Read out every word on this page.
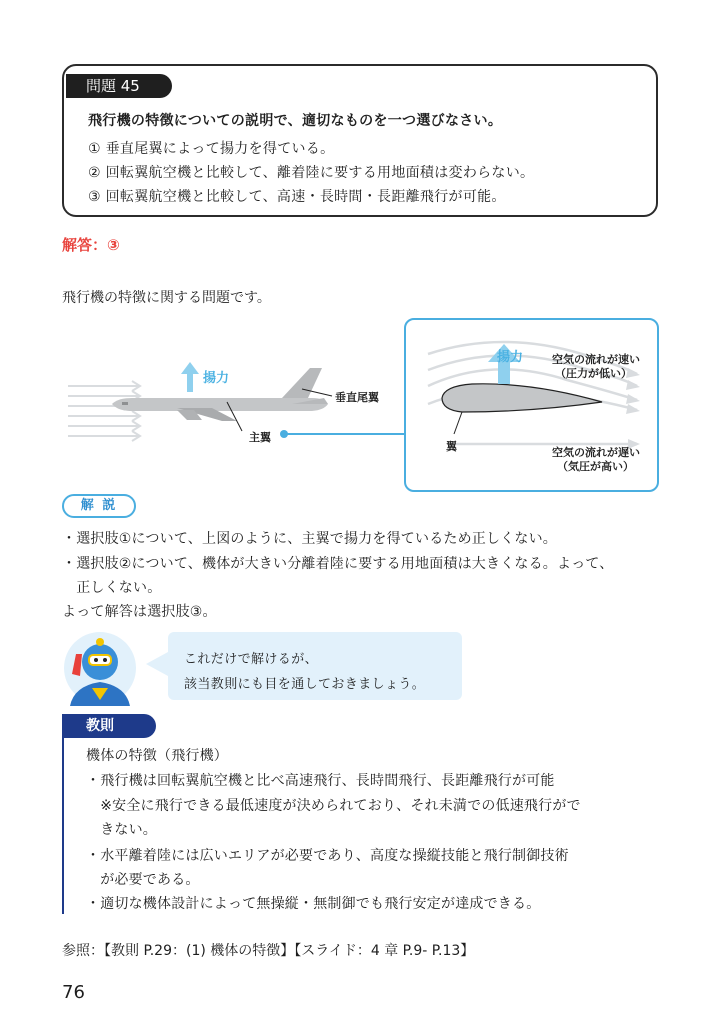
問題 45
飛行機の特徴についての説明で、適切なものを一つ選びなさい。
① 垂直尾翼によって揚力を得ている。
② 回転翼航空機と比較して、離着陸に要する用地面積は変わらない。
③ 回転翼航空機と比較して、高速・長時間・長距離飛行が可能。
解答：③
飛行機の特徴に関する問題です。
揚力
垂直尾翼
主翼
揚力	空気の流れが速い
（圧力が低い）
翼	空気の流れが遅い
（気圧が高い）
解 説
・選択肢①について、上図のように、主翼で揚力を得ているため正しくない。
・選択肢②について、機体が大きい分離着陸に要する用地面積は大きくなる。よって、
　正しくない。
よって解答は選択肢③。
これだけで解けるが、
該当教則にも目を通しておきましょう。
教則
機体の特徴（飛行機）
・飛行機は回転翼航空機と比べ高速飛行、長時間飛行、長距離飛行が可能
　※安全に飛行できる最低速度が決められており、それ未満での低速飛行がで
　きない。
・水平離着陸には広いエリアが必要であり、高度な操縦技能と飛行制御技術
　が必要である。
・適切な機体設計によって無操縦・無制御でも飛行安定が達成できる。
参照：【教則 P.29：(1) 機体の特徴】【スライド：4 章 P.9- P.13】
76
